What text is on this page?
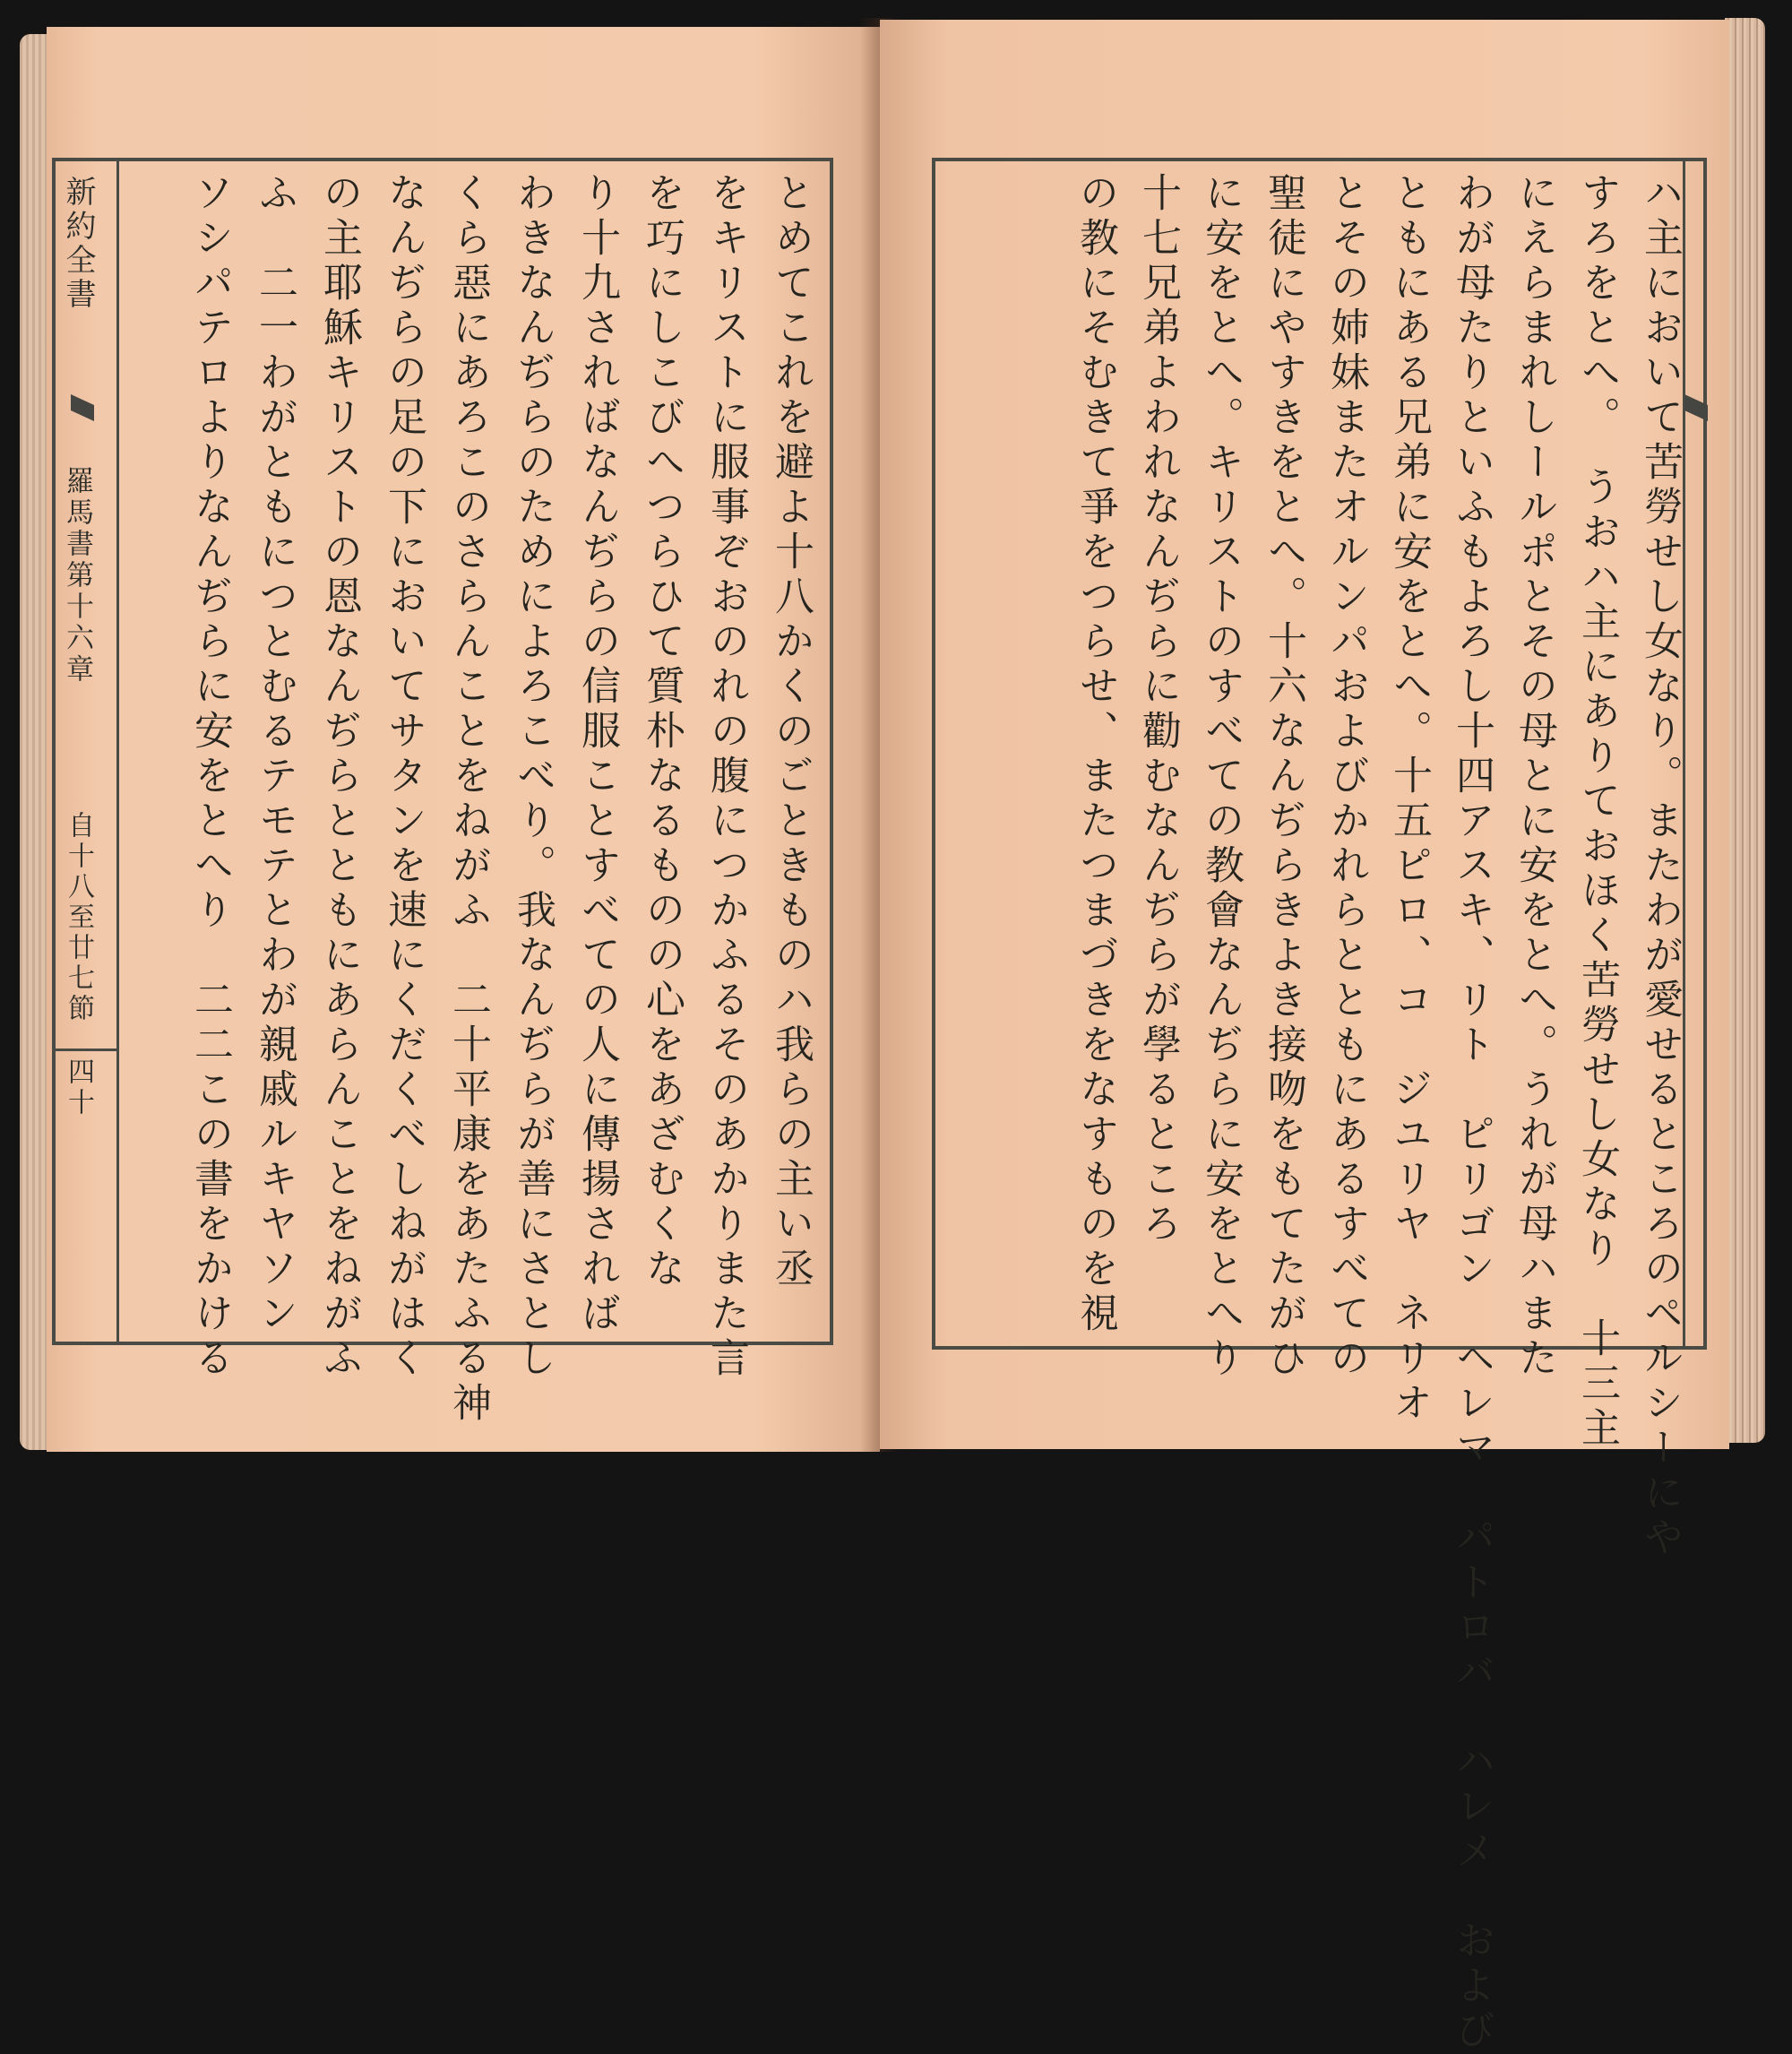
新約全書
羅馬書第十六章
自十八至廿七節
四十	とめてこれを避よ十八かくのごときものハ我らの主い丞
をキリストに服事ぞおのれの腹につかふるそのあかりまた言
を巧にしこびへつらひて質朴なるものの心をあざむくな
り十九さればなんぢらの信服ことすべての人に傳揚されば
わきなんぢらのためによろこべり。我なんぢらが善にさとし
くら惡にあろこのさらんことをねがふ　二十平康をあたふる神
なんぢらの足の下においてサタンを速にくだくべしねがはく
の主耶穌キリストの恩なんぢらとともにあらんことをねがふ
ふ　二一わがともにつとむるテモテとわが親戚ルキヤソン
ソシパテロよりなんぢらに安をとへり　二二この書をかける	ハ主において苦勞せし女なり。またわが愛せるところのペルシーにや
すろをとへ。　うおハ主にありておほく苦勞せし女なり　十三主
にえらまれしールポとその母とに安をとへ。うれが母ハまた
わが母たりといふもよろし十四アスキ、リト　ピリゴン　ヘレマ　パトロバ　ハレメ　および
ともにある兄弟に安をとへ。十五ピロ、コ　ジユリヤ　ネリオ
とその姉妹またオルンパおよびかれらとともにあるすべての
聖徒にやすきをとへ。十六なんぢらきよき接吻をもてたがひ
に安をとへ。キリストのすべての教會なんぢらに安をとへり
十七兄弟よわれなんぢらに勸むなんぢらが學るところ
の教にそむきて爭をつらせ、またつまづきをなすものを視
